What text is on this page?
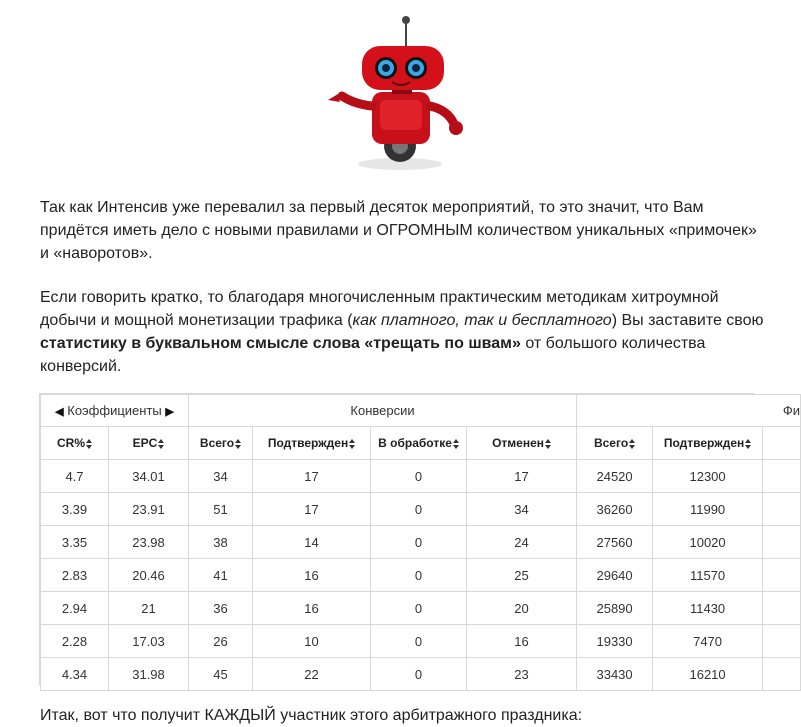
Так как Интенсив уже перевалил за первый десяток мероприятий, то это значит, что Вам придётся иметь дело с новыми правилами и ОГРОМНЫМ количеством уникальных «примочек» и «наворотов».

Если говорить кратко, то благодаря многочисленным практическим методикам хитроумной добычи и мощной монетизации трафика (как платного, так и бесплатного) Вы заставите свою статистику в буквальном смысле слова «трещать по швам» от большого количества конверсий.

◀ Коэффициенты ▶		Конверсии				Фи		
CR%	EPC	Всего	Подтвержден	В обработке	Отменен	Всего	Подтвержден	
4.7	34.01	34	17	0	17	24520	12300	
3.39	23.91	51	17	0	34	36260	11990	
3.35	23.98	38	14	0	24	27560	10020	
2.83	20.46	41	16	0	25	29640	11570	
2.94	21	36	16	0	20	25890	11430	
2.28	17.03	26	10	0	16	19330	7470	
4.34	31.98	45	22	0	23	33430	16210	

Итак, вот что получит КАЖДЫЙ участник этого арбитражного праздника:
